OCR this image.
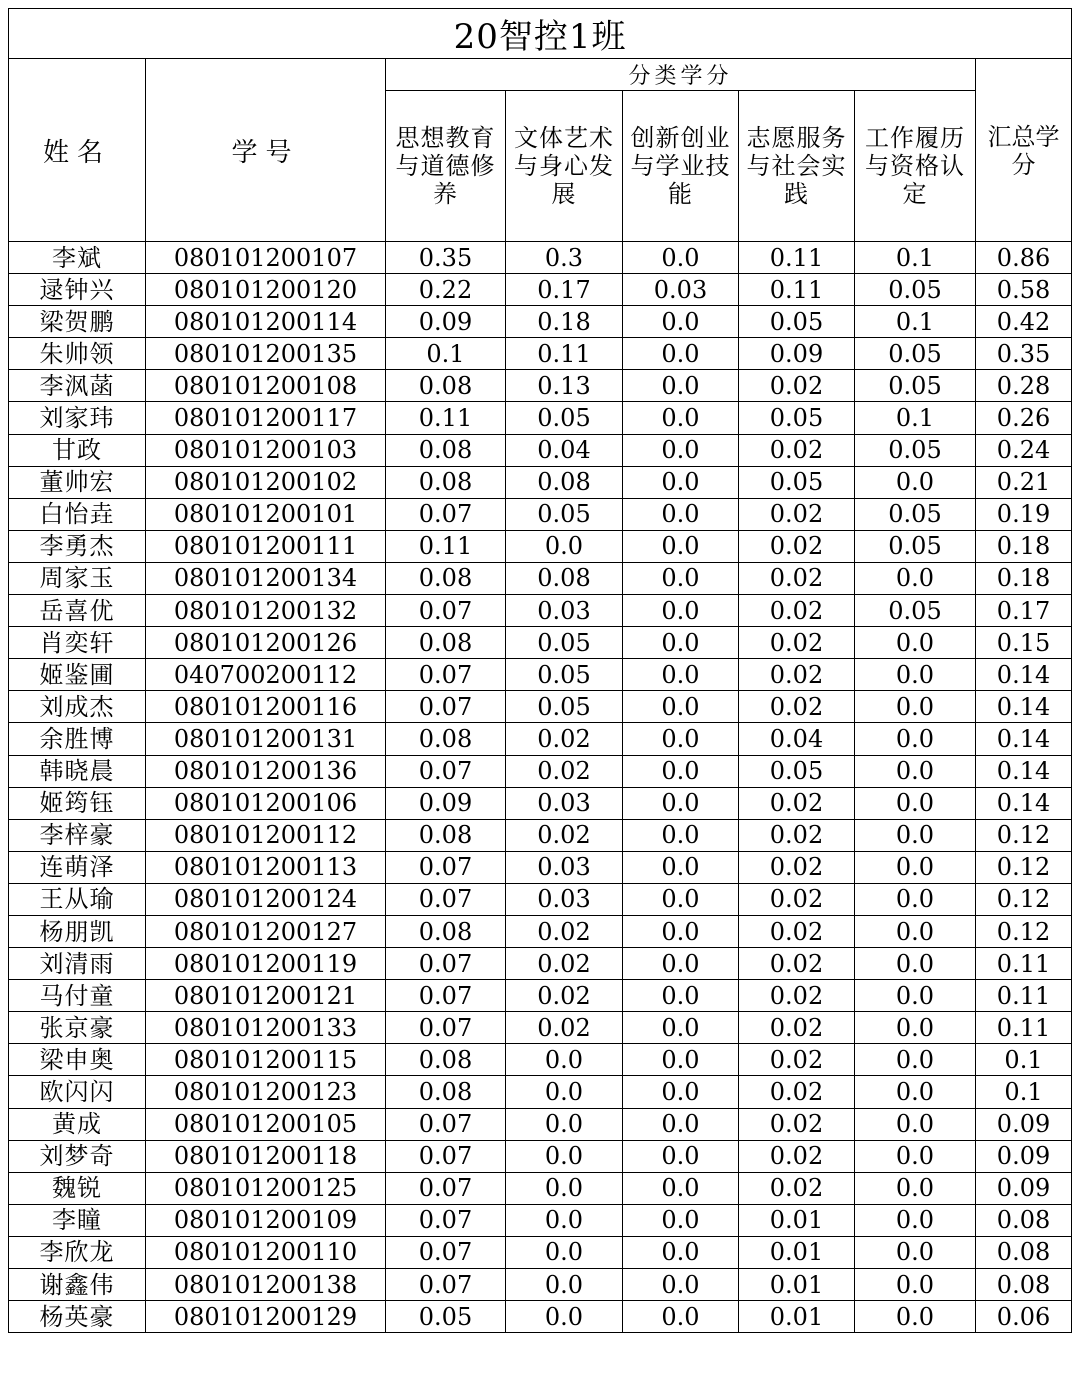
20智控1班							
姓名	学号	分类学分					汇总学分
		思想教育与道德修养	文体艺术与身心发展	创新创业与学业技能	志愿服务与社会实践	工作履历与资格认定	
李斌	080101200107	0.35	0.3	0.0	0.11	0.1	0.86
逯钟兴	080101200120	0.22	0.17	0.03	0.11	0.05	0.58
梁贺鹏	080101200114	0.09	0.18	0.0	0.05	0.1	0.42
朱帅领	080101200135	0.1	0.11	0.0	0.09	0.05	0.35
李沨菡	080101200108	0.08	0.13	0.0	0.02	0.05	0.28
刘家玮	080101200117	0.11	0.05	0.0	0.05	0.1	0.26
甘政	080101200103	0.08	0.04	0.0	0.02	0.05	0.24
董帅宏	080101200102	0.08	0.08	0.0	0.05	0.0	0.21
白怡垚	080101200101	0.07	0.05	0.0	0.02	0.05	0.19
李勇杰	080101200111	0.11	0.0	0.0	0.02	0.05	0.18
周家玉	080101200134	0.08	0.08	0.0	0.02	0.0	0.18
岳喜优	080101200132	0.07	0.03	0.0	0.02	0.05	0.17
肖奕轩	080101200126	0.08	0.05	0.0	0.02	0.0	0.15
姬鉴圃	040700200112	0.07	0.05	0.0	0.02	0.0	0.14
刘成杰	080101200116	0.07	0.05	0.0	0.02	0.0	0.14
余胜博	080101200131	0.08	0.02	0.0	0.04	0.0	0.14
韩晓晨	080101200136	0.07	0.02	0.0	0.05	0.0	0.14
姬筠钰	080101200106	0.09	0.03	0.0	0.02	0.0	0.14
李梓豪	080101200112	0.08	0.02	0.0	0.02	0.0	0.12
连萌泽	080101200113	0.07	0.03	0.0	0.02	0.0	0.12
王从瑜	080101200124	0.07	0.03	0.0	0.02	0.0	0.12
杨朋凯	080101200127	0.08	0.02	0.0	0.02	0.0	0.12
刘清雨	080101200119	0.07	0.02	0.0	0.02	0.0	0.11
马付童	080101200121	0.07	0.02	0.0	0.02	0.0	0.11
张京豪	080101200133	0.07	0.02	0.0	0.02	0.0	0.11
梁申奥	080101200115	0.08	0.0	0.0	0.02	0.0	0.1
欧闪闪	080101200123	0.08	0.0	0.0	0.02	0.0	0.1
黄成	080101200105	0.07	0.0	0.0	0.02	0.0	0.09
刘梦奇	080101200118	0.07	0.0	0.0	0.02	0.0	0.09
魏锐	080101200125	0.07	0.0	0.0	0.02	0.0	0.09
李瞳	080101200109	0.07	0.0	0.0	0.01	0.0	0.08
李欣龙	080101200110	0.07	0.0	0.0	0.01	0.0	0.08
谢鑫伟	080101200138	0.07	0.0	0.0	0.01	0.0	0.08
杨英豪	080101200129	0.05	0.0	0.0	0.01	0.0	0.06
